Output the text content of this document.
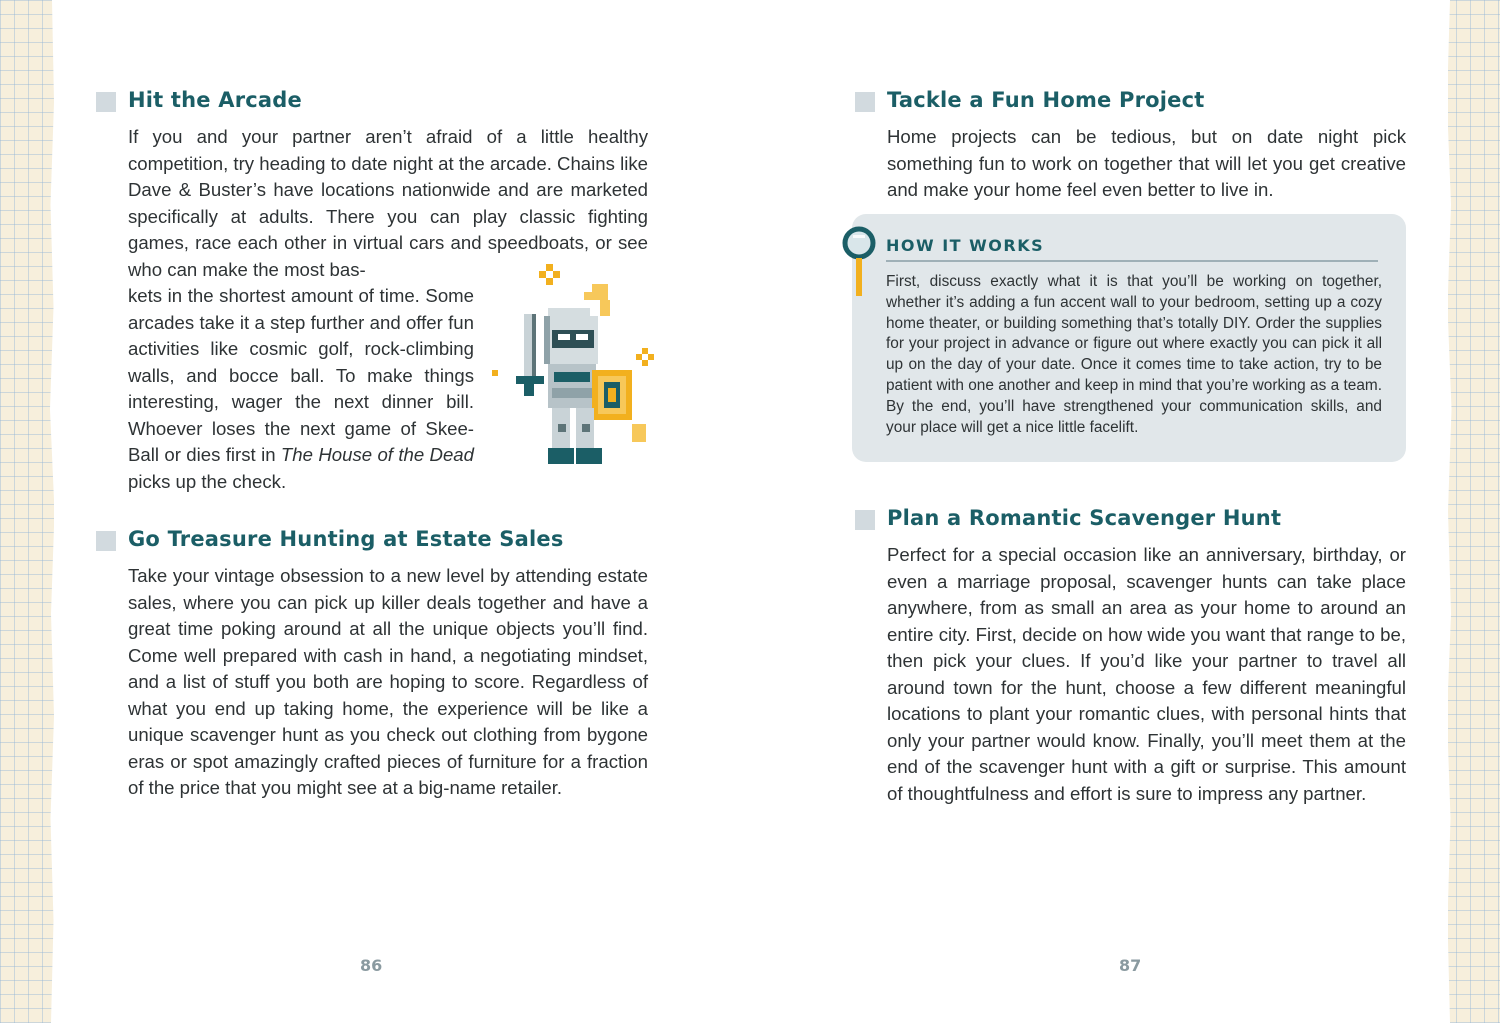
Hit the Arcade

If you and your partner aren’t afraid of a little healthy competition, try heading to date night at the arcade. Chains like Dave & Buster’s have locations nationwide and are marketed specifically at adults. There you can play classic fighting games, race each other in virtual cars and speedboats, or see who can make the most bas-

kets in the shortest amount of time. Some arcades take it a step further and offer fun activities like cosmic golf, rock-climbing walls, and bocce ball. To make things interesting, wager the next dinner bill. Whoever loses the next game of Skee-Ball or dies first in The House of the Dead picks up the check.

Go Treasure Hunting at Estate Sales

Take your vintage obsession to a new level by attending estate sales, where you can pick up killer deals together and have a great time poking around at all the unique objects you’ll find. Come well prepared with cash in hand, a negotiating mindset, and a list of stuff you both are hoping to score. Regardless of what you end up taking home, the experience will be like a unique scavenger hunt as you check out clothing from bygone eras or spot amazingly crafted pieces of furniture for a fraction of the price that you might see at a big-name retailer.

86

Tackle a Fun Home Project

Home projects can be tedious, but on date night pick something fun to work on together that will let you get creative and make your home feel even better to live in.

HOW IT WORKS

First, discuss exactly what it is that you’ll be working on together, whether it’s adding a fun accent wall to your bedroom, setting up a cozy home theater, or building something that’s totally DIY. Order the supplies for your project in advance or figure out where exactly you can pick it all up on the day of your date. Once it comes time to take action, try to be patient with one another and keep in mind that you’re working as a team. By the end, you’ll have strengthened your communication skills, and your place will get a nice little facelift.

Plan a Romantic Scavenger Hunt

Perfect for a special occasion like an anniversary, birthday, or even a marriage proposal, scavenger hunts can take place anywhere, from as small an area as your home to around an entire city. First, decide on how wide you want that range to be, then pick your clues. If you’d like your partner to travel all around town for the hunt, choose a few different meaningful locations to plant your romantic clues, with personal hints that only your partner would know. Finally, you’ll meet them at the end of the scavenger hunt with a gift or surprise. This amount of thoughtfulness and effort is sure to impress any partner.

87
